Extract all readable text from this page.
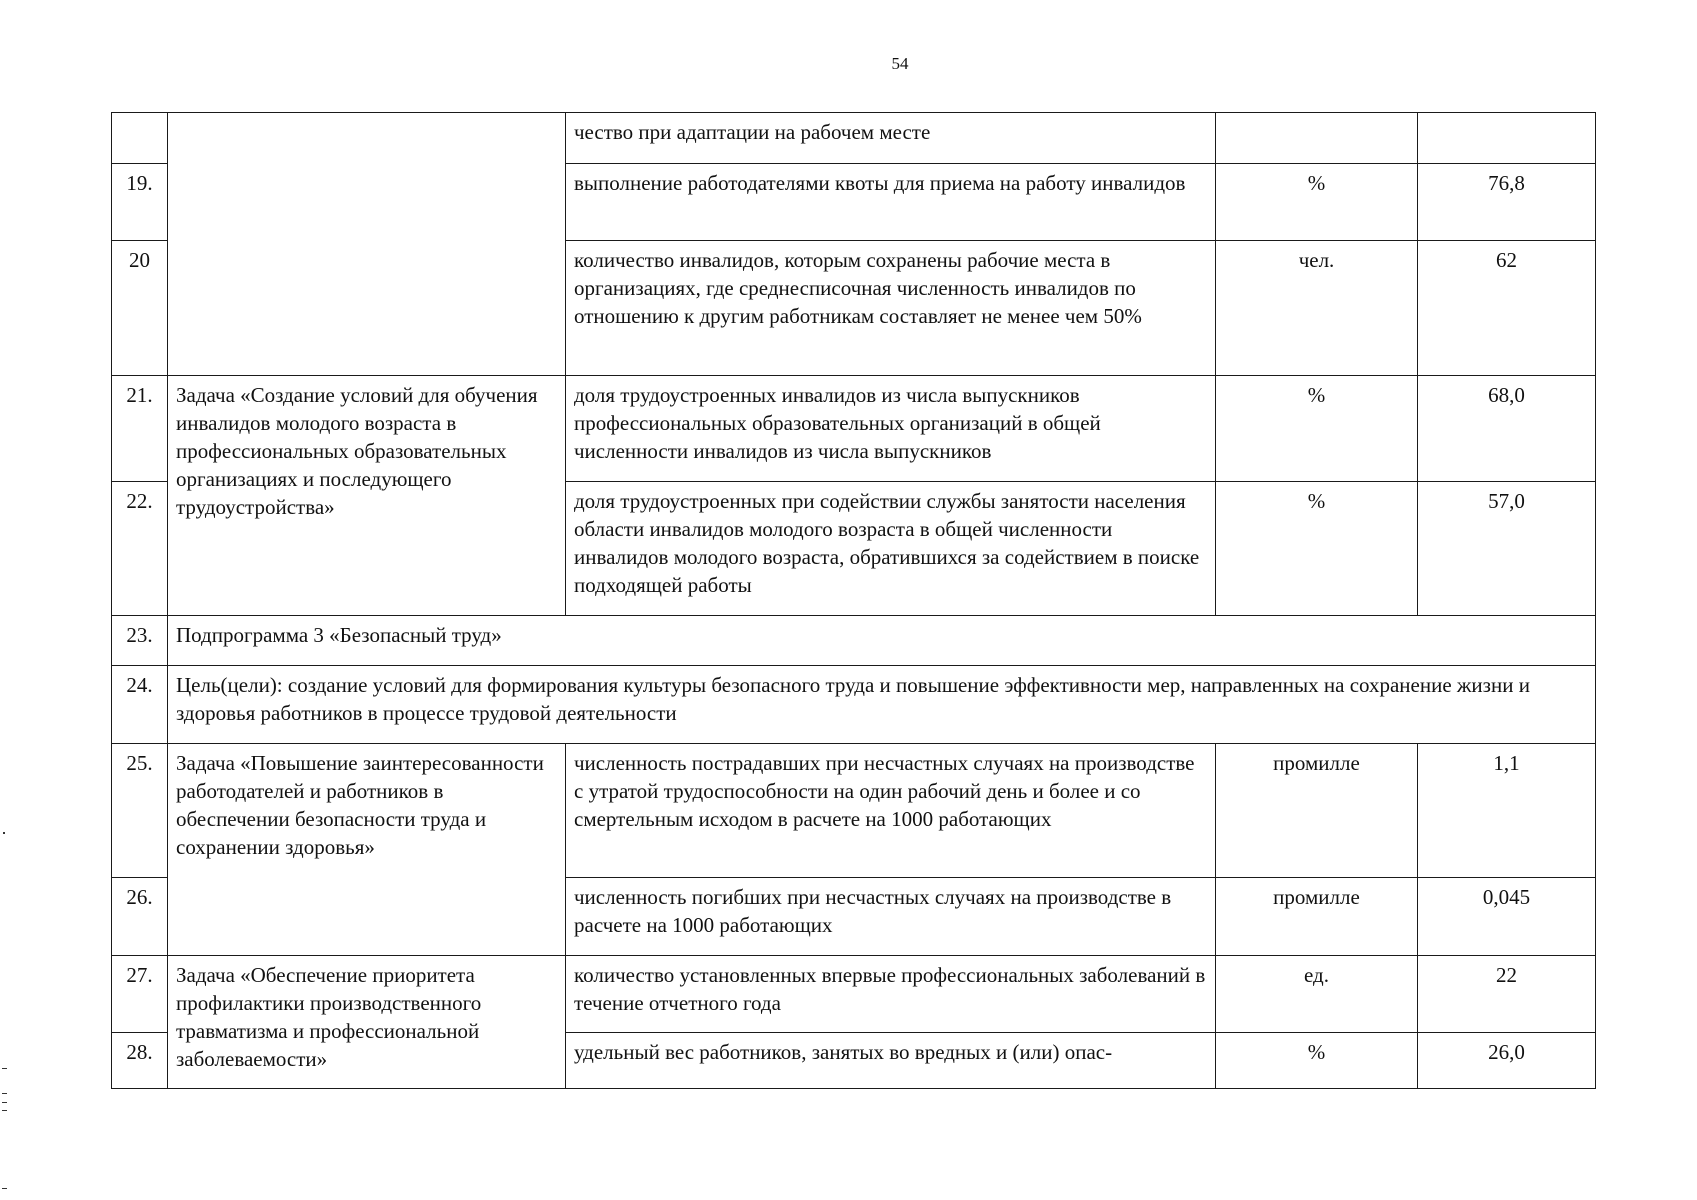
54
		чество при адаптации на рабочем месте		
19.		выполнение работодателями квоты для приема на работу инвалидов	%	76,8
20		количество инвалидов, которым сохранены рабочие места в организациях, где среднесписочная численность инвалидов по отношению к другим работникам составляет не менее чем 50%	чел.	62
21.	Задача «Создание условий для обучения инвалидов молодого возраста в профессиональных образовательных организациях и последующего трудоустройства»	доля трудоустроенных инвалидов из числа выпускников профессиональных образовательных организаций в общей численности инвалидов из числа выпускников	%	68,0
22.		доля трудоустроенных при содействии службы занятости населения области инвалидов молодого возраста в общей численности инвалидов молодого возраста, обратившихся за содействием в поиске подходящей работы	%	57,0
23.	Подпрограмма 3 «Безопасный труд»			
24.	Цель(цели): создание условий для формирования культуры безопасного труда и повышение эффективности мер, направленных на сохранение жизни и здоровья работников в процессе трудовой деятельности			
25.	Задача «Повышение заинтересованности работодателей и работников в обеспечении безопасности труда и сохранении здоровья»	численность пострадавших при несчастных случаях на производстве с утратой трудоспособности на один рабочий день и более и со смертельным исходом в расчете на 1000 работающих	промилле	1,1
26.		численность погибших при несчастных случаях на производстве в расчете на 1000 работающих	промилле	0,045
27.	Задача «Обеспечение приоритета профилактики производственного травматизма и профессиональной заболеваемости»	количество установленных впервые профессиональных заболеваний в течение отчетного года	ед.	22
28.		удельный вес работников, занятых во вредных и (или) опас-	%	26,0
